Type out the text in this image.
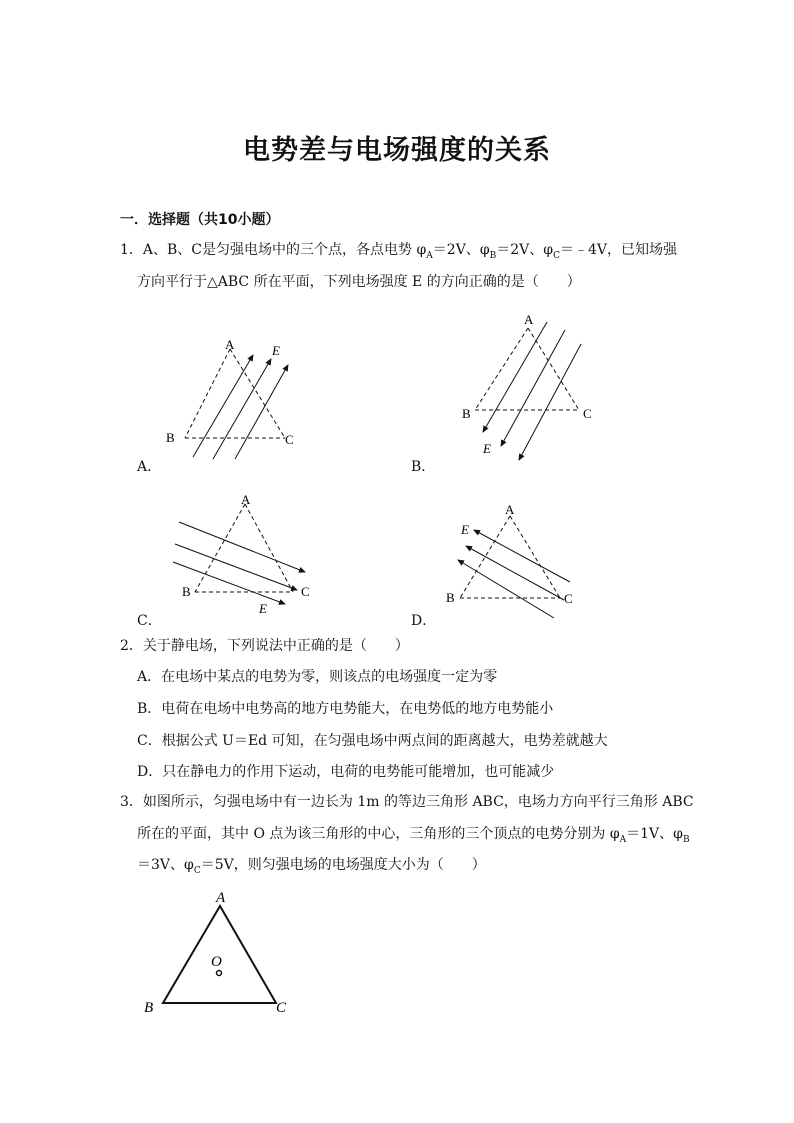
电势差与电场强度的关系
一．选择题（共10小题）
1．A、B、C是匀强电场中的三个点，各点电势 $\varphi_A=2V$、$\varphi_B=2V$、$\varphi_C=﹣4V$，已知场强
方向平行于△ABC 所在平面，下列电场强度 E 的方向正确的是（　　）
A
B	C
E
A．
A
B	C
E
B．
A
B	C
E
C．
A
B	C
E
D．
2．关于静电场，下列说法中正确的是（　　）
A．在电场中某点的电势为零，则该点的电场强度一定为零
B．电荷在电场中电势高的地方电势能大，在电势低的地方电势能小
C．根据公式 U＝Ed 可知，在匀强电场中两点间的距离越大，电势差就越大
D．只在静电力的作用下运动，电荷的电势能可能增加，也可能减少
3．如图所示，匀强电场中有一边长为 1m 的等边三角形 ABC，电场力方向平行三角形 ABC
所在的平面，其中 O 点为该三角形的中心，三角形的三个顶点的电势分别为 $\varphi_A=1V$、$\varphi_B$
＝3V、$\varphi_C=5V$，则匀强电场的电场强度大小为（　　）
A
B	C
O
